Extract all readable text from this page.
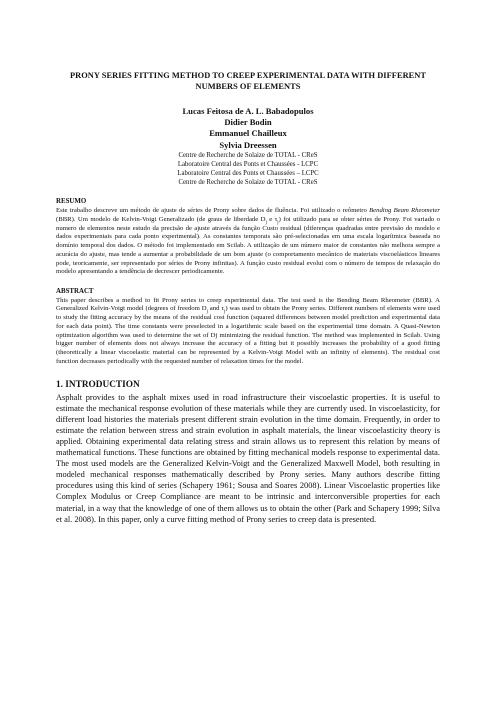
PRONY SERIES FITTING METHOD TO CREEP EXPERIMENTAL DATA WITH DIFFERENT NUMBERS OF ELEMENTS
Lucas Feitosa de A. L. Babadopulos
Didier Bodin
Emmanuel Chailleux
Sylvia Dreessen
Centre de Recherche de Solaize de TOTAL - CReS
Laboratoire Central des Ponts et Chaussées - LCPC
Laboratoire Central des Ponts et Chaussées – LCPC
Centre de Recherche de Solaize de TOTAL - CReS
RESUMO
Este trabalho descreve um método de ajuste de séries de Prony sobre dados de fluência. Foi utilizado o reômetro Bending Beam Rheometer (BBR). Um modelo de Kelvin-Voigt Generalizado (de graus de liberdade $D_j$ e $\tau_j$) foi utilizado para se obter séries de Prony. Foi variado o numero de elementos neste estudo da precisão de ajuste através da função Custo residual (diferenças quadradas entre previsão do modelo e dados experimentais para cada ponto experimental). As constantes temporais são pré-selecionadas em uma escala logarítmica baseada no domínio temporal dos dados. O método foi implementado em Scilab. A utilização de um número maior de constantes não melhora sempre a acurácia do ajuste, mas tende a aumentar a probabilidade de um bom ajuste (o comportamento mecânico de materiais viscoelásticos lineares pode, teoricamente, ser representado por séries de Prony infinitas). A função custo residual evolui com o número de tempos de relaxação do modelo apresentando a tendência de decrescer periodicamente.
ABSTRACT
This paper describes a method to fit Prony series to creep experimental data. The test used is the Bending Beam Rheometer (BBR). A Generalized Kelvin-Voigt model (degrees of freedom $D_j$ and $\tau_j$) was used to obtain the Prony series. Different numbers of elements were used to study the fitting accuracy by the means of the residual cost function (squared differences between model prediction and experimental data for each data point). The time constants were preselected in a logarithmic scale based on the experimental time domain. A Quasi-Newton optimization algorithm was used to determine the set of Dj minimizing the residual function. The method was implemented in Scilab. Using bigger number of elements does not always increase the accuracy of a fitting but it possibly increases the probability of a good fitting (theoretically a linear viscoelastic material can be represented by a Kelvin-Voigt Model with an infinity of elements). The residual cost function decreases periodically with the requested number of relaxation times for the model.
1. INTRODUCTION
Asphalt provides to the asphalt mixes used in road infrastructure their viscoelastic properties. It is useful to estimate the mechanical response evolution of these materials while they are currently used. In viscoelasticity, for different load histories the materials present different strain evolution in the time domain. Frequently, in order to estimate the relation between stress and strain evolution in asphalt materials, the linear viscoelasticity theory is applied. Obtaining experimental data relating stress and strain allows us to represent this relation by means of mathematical functions. These functions are obtained by fitting mechanical models response to experimental data. The most used models are the Generalized Kelvin-Voigt and the Generalized Maxwell Model, both resulting in modeled mechanical responses mathematically described by Prony series. Many authors describe fitting procedures using this kind of series (Schapery 1961; Sousa and Soares 2008). Linear Viscoelastic properties like Complex Modulus or Creep Compliance are meant to be intrinsic and interconversible properties for each material, in a way that the knowledge of one of them allows us to obtain the other (Park and Schapery 1999; Silva et al. 2008). In this paper, only a curve fitting method of Prony series to creep data is presented.
